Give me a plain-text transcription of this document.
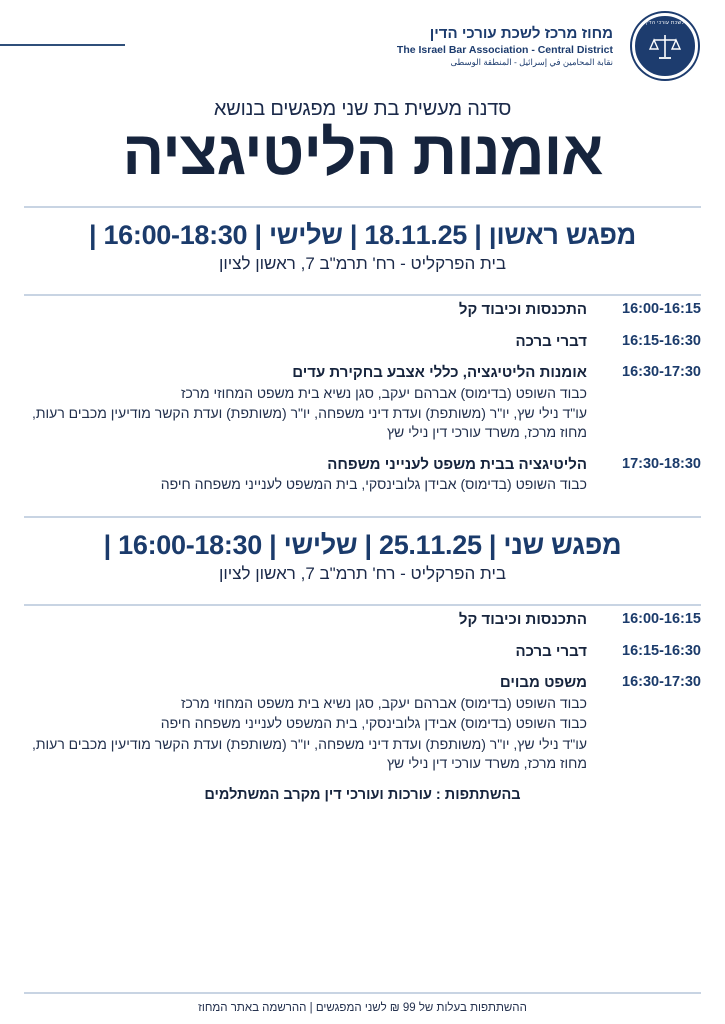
לשכת עורכי הדין
מחוז מרכז לשכת עורכי הדין
The Israel Bar Association - Central District
نقابة المحامين في إسرائيل - المنطقة الوسطى
סדנה מעשית בת שני מפגשים בנושא
אומנות הליטיגציה
מפגש ראשון | 18.11.25 | שלישי | 16:00-18:30 |
בית הפרקליט - רח' תרמ"ב 7, ראשון לציון
16:00-16:15
התכנסות וכיבוד קל
16:15-16:30
דברי ברכה
16:30-17:30
אומנות הליטיגציה, כללי אצבע בחקירת עדים
כבוד השופט (בדימוס) אברהם יעקב, סגן נשיא בית משפט המחוזי מרכז
עו"ד נילי שץ, יו"ר (משותפת) ועדת דיני משפחה, יו"ר (משותפת) ועדת הקשר מודיעין מכבים רעות, מחוז מרכז, משרד עורכי דין נילי שץ
17:30-18:30
הליטיגציה בבית משפט לענייני משפחה
כבוד השופט (בדימוס) אבידן גלובינסקי, בית המשפט לענייני משפחה חיפה
מפגש שני | 25.11.25 | שלישי | 16:00-18:30 |
בית הפרקליט - רח' תרמ"ב 7, ראשון לציון
16:00-16:15
התכנסות וכיבוד קל
16:15-16:30
דברי ברכה
16:30-17:30
משפט מבוים
כבוד השופט (בדימוס) אברהם יעקב, סגן נשיא בית משפט המחוזי מרכז
כבוד השופט (בדימוס) אבידן גלובינסקי, בית המשפט לענייני משפחה חיפה
עו"ד נילי שץ, יו"ר (משותפת) ועדת דיני משפחה, יו"ר (משותפת) ועדת הקשר מודיעין מכבים רעות, מחוז מרכז, משרד עורכי דין נילי שץ
בהשתתפות : עורכות ועורכי דין מקרב המשתלמים
ההשתתפות בעלות של 99 ₪ לשני המפגשים | ההרשמה באתר המחוז
